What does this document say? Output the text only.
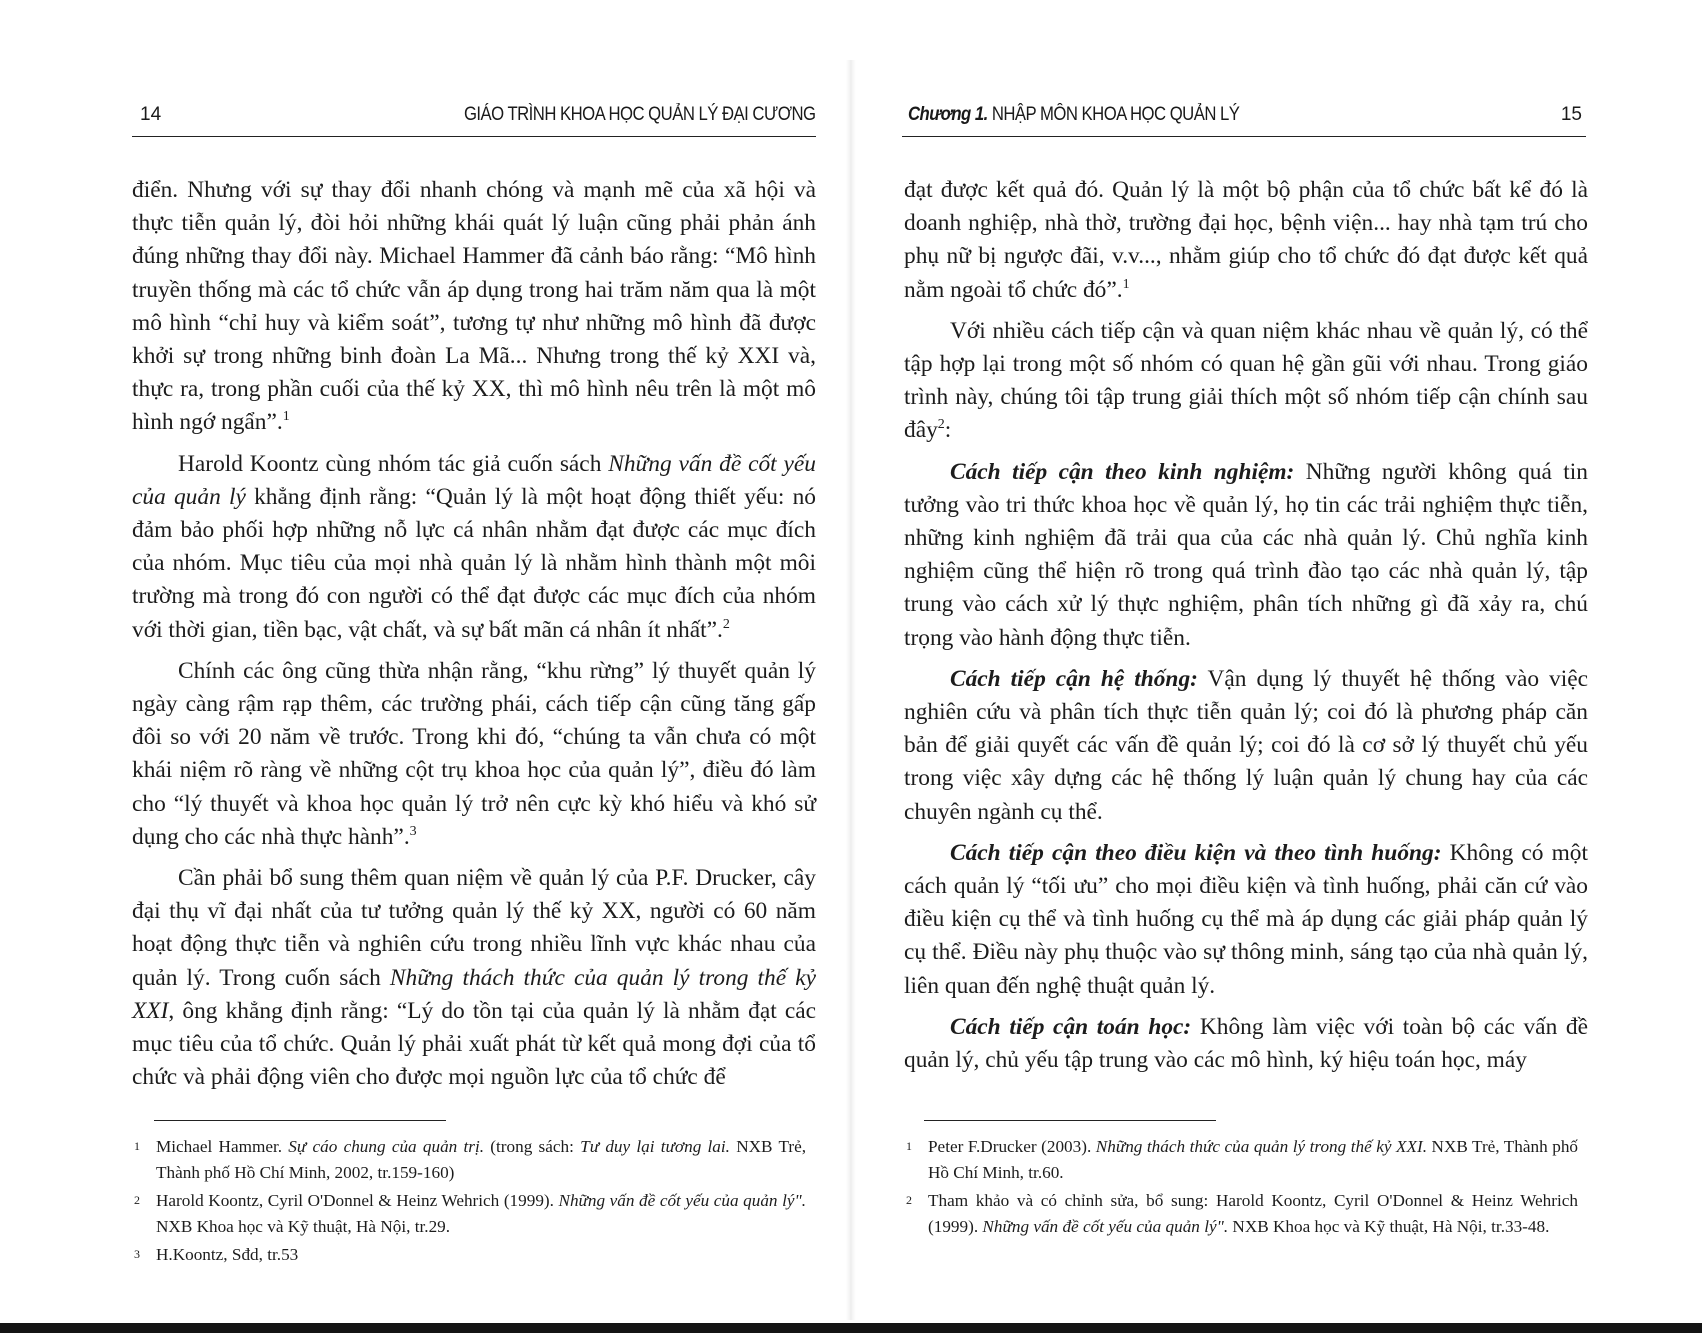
14	GIÁO TRÌNH KHOA HỌC QUẢN LÝ ĐẠI CƯƠNG

điển. Nhưng với sự thay đổi nhanh chóng và mạnh mẽ của xã hội và thực tiễn quản lý, đòi hỏi những khái quát lý luận cũng phải phản ánh đúng những thay đổi này. Michael Hammer đã cảnh báo rằng: “Mô hình truyền thống mà các tổ chức vẫn áp dụng trong hai trăm năm qua là một mô hình “chỉ huy và kiểm soát”, tương tự như những mô hình đã được khởi sự trong những binh đoàn La Mã... Nhưng trong thế kỷ XXI và, thực ra, trong phần cuối của thế kỷ XX, thì mô hình nêu trên là một mô hình ngớ ngẩn”.$^1$

Harold Koontz cùng nhóm tác giả cuốn sách Những vấn đề cốt yếu của quản lý khẳng định rằng: “Quản lý là một hoạt động thiết yếu: nó đảm bảo phối hợp những nỗ lực cá nhân nhằm đạt được các mục đích của nhóm. Mục tiêu của mọi nhà quản lý là nhằm hình thành một môi trường mà trong đó con người có thể đạt được các mục đích của nhóm với thời gian, tiền bạc, vật chất, và sự bất mãn cá nhân ít nhất”.$^2$

Chính các ông cũng thừa nhận rằng, “khu rừng” lý thuyết quản lý ngày càng rậm rạp thêm, các trường phái, cách tiếp cận cũng tăng gấp đôi so với 20 năm về trước. Trong khi đó, “chúng ta vẫn chưa có một khái niệm rõ ràng về những cột trụ khoa học của quản lý”, điều đó làm cho “lý thuyết và khoa học quản lý trở nên cực kỳ khó hiểu và khó sử dụng cho các nhà thực hành”.$^3$

Cần phải bổ sung thêm quan niệm về quản lý của P.F. Drucker, cây đại thụ vĩ đại nhất của tư tưởng quản lý thế kỷ XX, người có 60 năm hoạt động thực tiễn và nghiên cứu trong nhiều lĩnh vực khác nhau của quản lý. Trong cuốn sách Những thách thức của quản lý trong thế kỷ XXI, ông khẳng định rằng: “Lý do tồn tại của quản lý là nhằm đạt các mục tiêu của tổ chức. Quản lý phải xuất phát từ kết quả mong đợi của tổ chức và phải động viên cho được mọi nguồn lực của tổ chức để

1 Michael Hammer. Sự cáo chung của quản trị. (trong sách: Tư duy lại tương lai. NXB Trẻ, Thành phố Hồ Chí Minh, 2002, tr.159-160)
2 Harold Koontz, Cyril O'Donnel & Heinz Wehrich (1999). Những vấn đề cốt yếu của quản lý". NXB Khoa học và Kỹ thuật, Hà Nội, tr.29.
3 H.Koontz, Sđd, tr.53
Chương 1. NHẬP MÔN KHOA HỌC QUẢN LÝ	15

đạt được kết quả đó. Quản lý là một bộ phận của tổ chức bất kể đó là doanh nghiệp, nhà thờ, trường đại học, bệnh viện... hay nhà tạm trú cho phụ nữ bị ngược đãi, v.v..., nhằm giúp cho tổ chức đó đạt được kết quả nằm ngoài tổ chức đó”.$^1$

Với nhiều cách tiếp cận và quan niệm khác nhau về quản lý, có thể tập hợp lại trong một số nhóm có quan hệ gần gũi với nhau. Trong giáo trình này, chúng tôi tập trung giải thích một số nhóm tiếp cận chính sau đây$^2$:

Cách tiếp cận theo kinh nghiệm: Những người không quá tin tưởng vào tri thức khoa học về quản lý, họ tin các trải nghiệm thực tiễn, những kinh nghiệm đã trải qua của các nhà quản lý. Chủ nghĩa kinh nghiệm cũng thể hiện rõ trong quá trình đào tạo các nhà quản lý, tập trung vào cách xử lý thực nghiệm, phân tích những gì đã xảy ra, chú trọng vào hành động thực tiễn.

Cách tiếp cận hệ thống: Vận dụng lý thuyết hệ thống vào việc nghiên cứu và phân tích thực tiễn quản lý; coi đó là phương pháp căn bản để giải quyết các vấn đề quản lý; coi đó là cơ sở lý thuyết chủ yếu trong việc xây dựng các hệ thống lý luận quản lý chung hay của các chuyên ngành cụ thể.

Cách tiếp cận theo điều kiện và theo tình huống: Không có một cách quản lý “tối ưu” cho mọi điều kiện và tình huống, phải căn cứ vào điều kiện cụ thể và tình huống cụ thể mà áp dụng các giải pháp quản lý cụ thể. Điều này phụ thuộc vào sự thông minh, sáng tạo của nhà quản lý, liên quan đến nghệ thuật quản lý.

Cách tiếp cận toán học: Không làm việc với toàn bộ các vấn đề quản lý, chủ yếu tập trung vào các mô hình, ký hiệu toán học, máy

1 Peter F.Drucker (2003). Những thách thức của quản lý trong thế kỷ XXI. NXB Trẻ, Thành phố Hồ Chí Minh, tr.60.
2 Tham khảo và có chỉnh sửa, bổ sung: Harold Koontz, Cyril O'Donnel & Heinz Wehrich (1999). Những vấn đề cốt yếu của quản lý". NXB Khoa học và Kỹ thuật, Hà Nội, tr.33-48.
